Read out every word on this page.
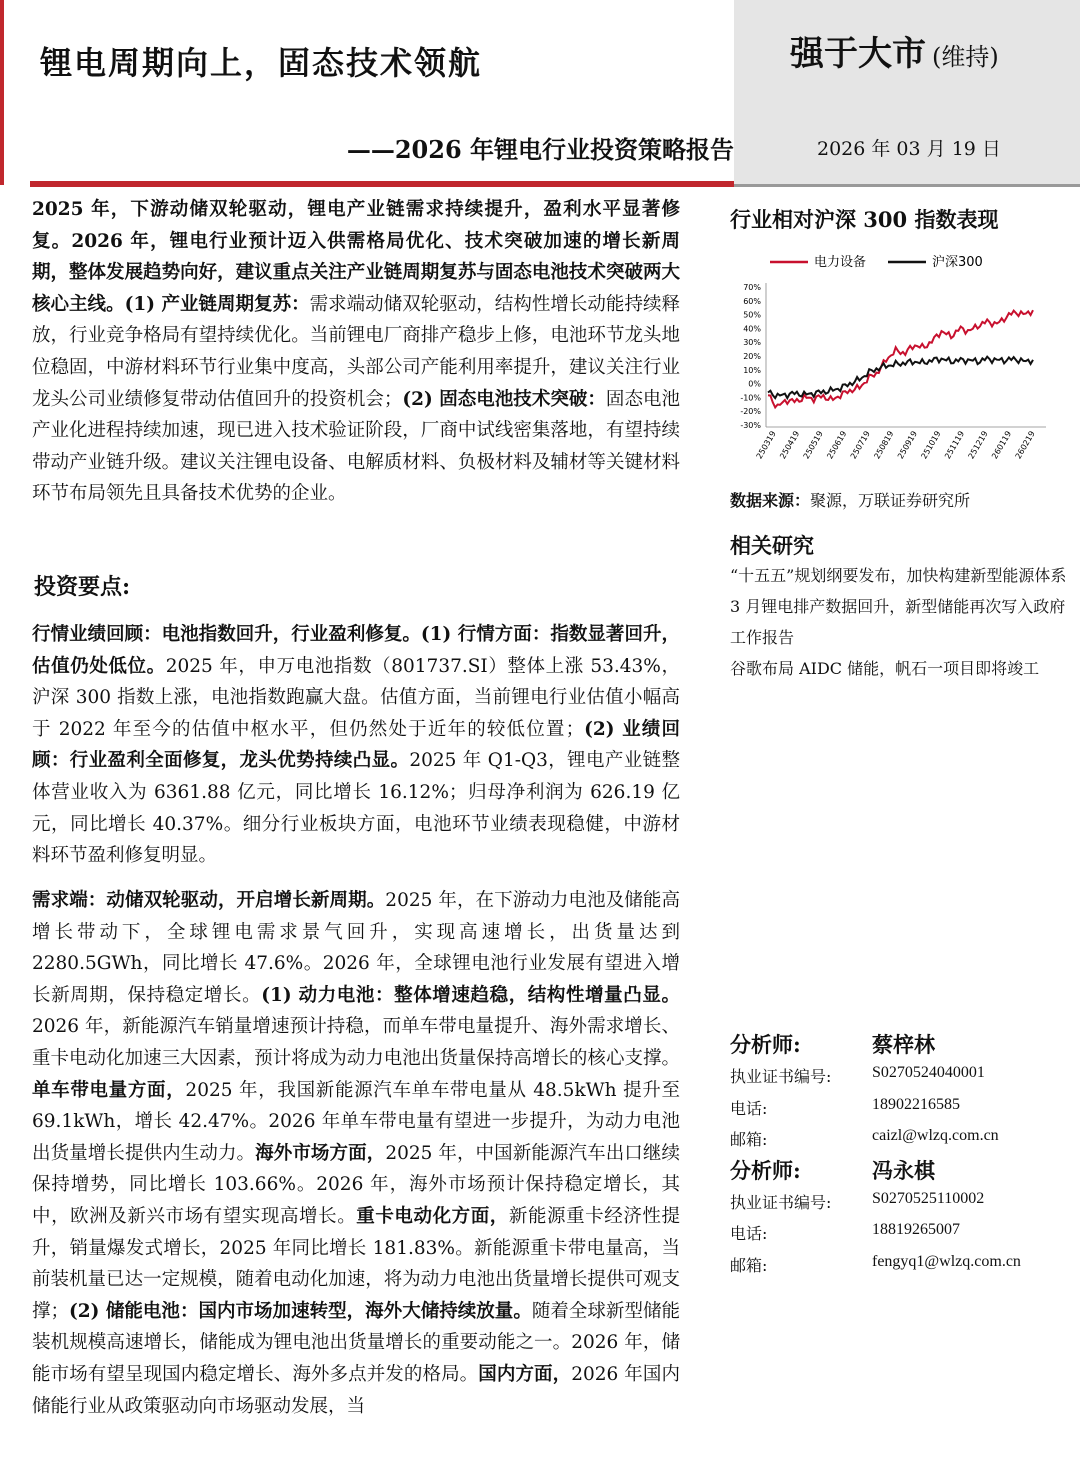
锂电周期向上，固态技术领航
——2026 年锂电行业投资策略报告
强于大市 (维持)
2026 年 03 月 19 日
2025 年，下游动储双轮驱动，锂电产业链需求持续提升，盈利水平显著修复。2026 年，锂电行业预计迈入供需格局优化、技术突破加速的增长新周期，整体发展趋势向好，建议重点关注产业链周期复苏与固态电池技术突破两大核心主线。(1) 产业链周期复苏：需求端动储双轮驱动，结构性增长动能持续释放，行业竞争格局有望持续优化。当前锂电厂商排产稳步上修，电池环节龙头地位稳固，中游材料环节行业集中度高，头部公司产能利用率提升，建议关注行业龙头公司业绩修复带动估值回升的投资机会；(2) 固态电池技术突破：固态电池产业化进程持续加速，现已进入技术验证阶段，厂商中试线密集落地，有望持续带动产业链升级。建议关注锂电设备、电解质材料、负极材料及辅材等关键材料环节布局领先且具备技术优势的企业。
投资要点:
行情业绩回顾：电池指数回升，行业盈利修复。(1) 行情方面：指数显著回升，估值仍处低位。2025 年，申万电池指数（801737.SI）整体上涨 53.43%，沪深 300 指数上涨，电池指数跑赢大盘。估值方面，当前锂电行业估值小幅高于 2022 年至今的估值中枢水平，但仍然处于近年的较低位置；(2) 业绩回顾：行业盈利全面修复，龙头优势持续凸显。2025 年 Q1-Q3，锂电产业链整体营业收入为 6361.88 亿元，同比增长 16.12%；归母净利润为 626.19 亿元，同比增长 40.37%。细分行业板块方面，电池环节业绩表现稳健，中游材料环节盈利修复明显。
需求端：动储双轮驱动，开启增长新周期。2025 年，在下游动力电池及储能高增长带动下，全球锂电需求景气回升，实现高速增长，出货量达到 2280.5GWh，同比增长 47.6%。2026 年，全球锂电池行业发展有望进入增长新周期，保持稳定增长。(1) 动力电池：整体增速趋稳，结构性增量凸显。2026 年，新能源汽车销量增速预计持稳，而单车带电量提升、海外需求增长、重卡电动化加速三大因素，预计将成为动力电池出货量保持高增长的核心支撑。单车带电量方面，2025 年，我国新能源汽车单车带电量从 48.5kWh 提升至 69.1kWh，增长 42.47%。2026 年单车带电量有望进一步提升，为动力电池出货量增长提供内生动力。海外市场方面，2025 年，中国新能源汽车出口继续保持增势，同比增长 103.66%。2026 年，海外市场预计保持稳定增长，其中，欧洲及新兴市场有望实现高增长。重卡电动化方面，新能源重卡经济性提升，销量爆发式增长，2025 年同比增长 181.83%。新能源重卡带电量高，当前装机量已达一定规模，随着电动化加速，将为动力电池出货量增长提供可观支撑；(2) 储能电池：国内市场加速转型，海外大储持续放量。随着全球新型储能装机规模高速增长，储能成为锂电池出货量增长的重要动能之一。2026 年，储能市场有望呈现国内稳定增长、海外多点并发的格局。国内方面，2026 年国内储能行业从政策驱动向市场驱动发展，当
行业相对沪深 300 指数表现
电力设备	沪深300
70%
60%
50%
40%
30%
20%
10%
0%
-10%
-20%
-30%
250319 250419 250519 250619 250719 250819 250919 251019 251119 251219 260119 260219
数据来源：聚源，万联证券研究所
相关研究

“十五五”规划纲要发布，加快构建新型能源体系

3 月锂电排产数据回升，新型储能再次写入政府工作报告

谷歌布局 AIDC 储能，帆石一项目即将竣工

分析师:	蔡梓林
执业证书编号:	S0270524040001
电话:	18902216585
邮箱:	caizl@wlzq.com.cn
分析师:	冯永棋
执业证书编号:	S0270525110002
电话:	18819265007
邮箱:	fengyq1@wlzq.com.cn
